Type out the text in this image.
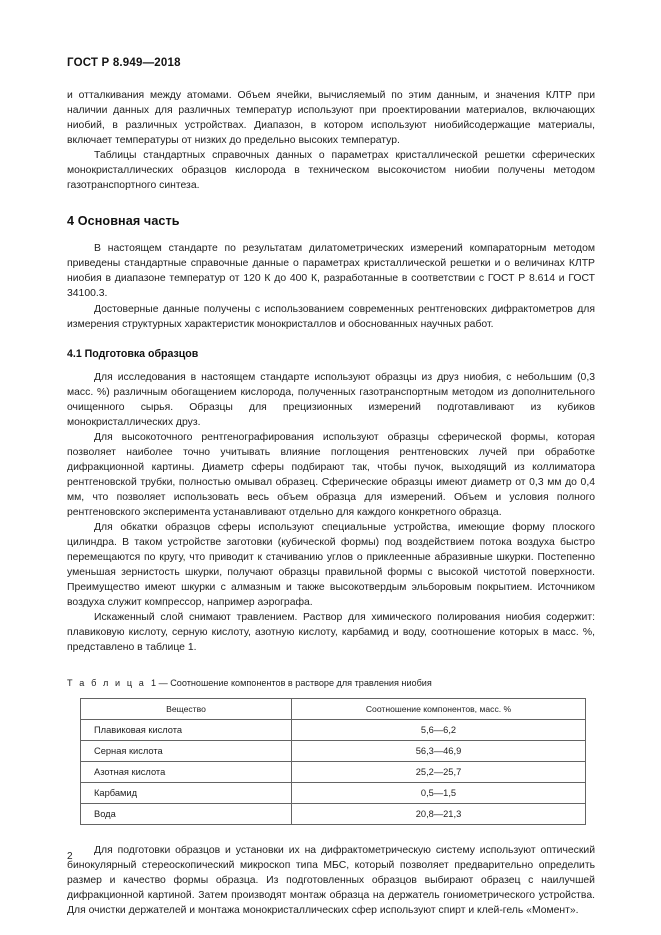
ГОСТ Р 8.949—2018

и отталкивания между атомами. Объем ячейки, вычисляемый по этим данным, и значения КЛТР при наличии данных для различных температур используют при проектировании материалов, включающих ниобий, в различных устройствах. Диапазон, в котором используют ниобийсодержащие материалы, включает температуры от низких до предельно высоких температур.

Таблицы стандартных справочных данных о параметрах кристаллической решетки сферических монокристаллических образцов кислорода в техническом высокочистом ниобии получены методом газотранспортного синтеза.

4 Основная часть

В настоящем стандарте по результатам дилатометрических измерений компараторным методом приведены стандартные справочные данные о параметрах кристаллической решетки и о величинах КЛТР ниобия в диапазоне температур от 120 К до 400 К, разработанные в соответствии с ГОСТ Р 8.614 и ГОСТ 34100.3.

Достоверные данные получены с использованием современных рентгеновских дифрактометров для измерения структурных характеристик монокристаллов и обоснованных научных работ.

4.1 Подготовка образцов

Для исследования в настоящем стандарте используют образцы из друз ниобия, с небольшим (0,3 масс. %) различным обогащением кислорода, полученных газотранспортным методом из дополнительного очищенного сырья. Образцы для прецизионных измерений подготавливают из кубиков монокристаллических друз.

Для высокоточного рентгенографирования используют образцы сферической формы, которая позволяет наиболее точно учитывать влияние поглощения рентгеновских лучей при обработке дифракционной картины. Диаметр сферы подбирают так, чтобы пучок, выходящий из коллиматора рентгеновской трубки, полностью омывал образец. Сферические образцы имеют диаметр от 0,3 мм до 0,4 мм, что позволяет использовать весь объем образца для измерений. Объем и условия полного рентгеновского эксперимента устанавливают отдельно для каждого конкретного образца.

Для обкатки образцов сферы используют специальные устройства, имеющие форму плоского цилиндра. В таком устройстве заготовки (кубической формы) под воздействием потока воздуха быстро перемещаются по кругу, что приводит к стачиванию углов о приклеенные абразивные шкурки. Постепенно уменьшая зернистость шкурки, получают образцы правильной формы с высокой чистотой поверхности. Преимущество имеют шкурки с алмазным и также высокотвердым эльборовым покрытием. Источником воздуха служит компрессор, например аэрографа.

Искаженный слой снимают травлением. Раствор для химического полирования ниобия содержит: плавиковую кислоту, серную кислоту, азотную кислоту, карбамид и воду, соотношение которых в масс. %, представлено в таблице 1.

Т а б л и ц а 1 — Соотношение компонентов в растворе для травления ниобия

Вещество	Соотношение компонентов, масс. %
Плавиковая кислота	5,6—6,2
Серная кислота	56,3—46,9
Азотная кислота	25,2—25,7
Карбамид	0,5—1,5
Вода	20,8—21,3

Для подготовки образцов и установки их на дифрактометрическую систему используют оптический бинокулярный стереоскопический микроскоп типа МБС, который позволяет предварительно определить размер и качество формы образца. Из подготовленных образцов выбирают образец с наилучшей дифракционной картиной. Затем производят монтаж образца на держатель гониометрического устройства. Для очистки держателей и монтажа монокристаллических сфер используют спирт и клей-гель «Момент».

2
